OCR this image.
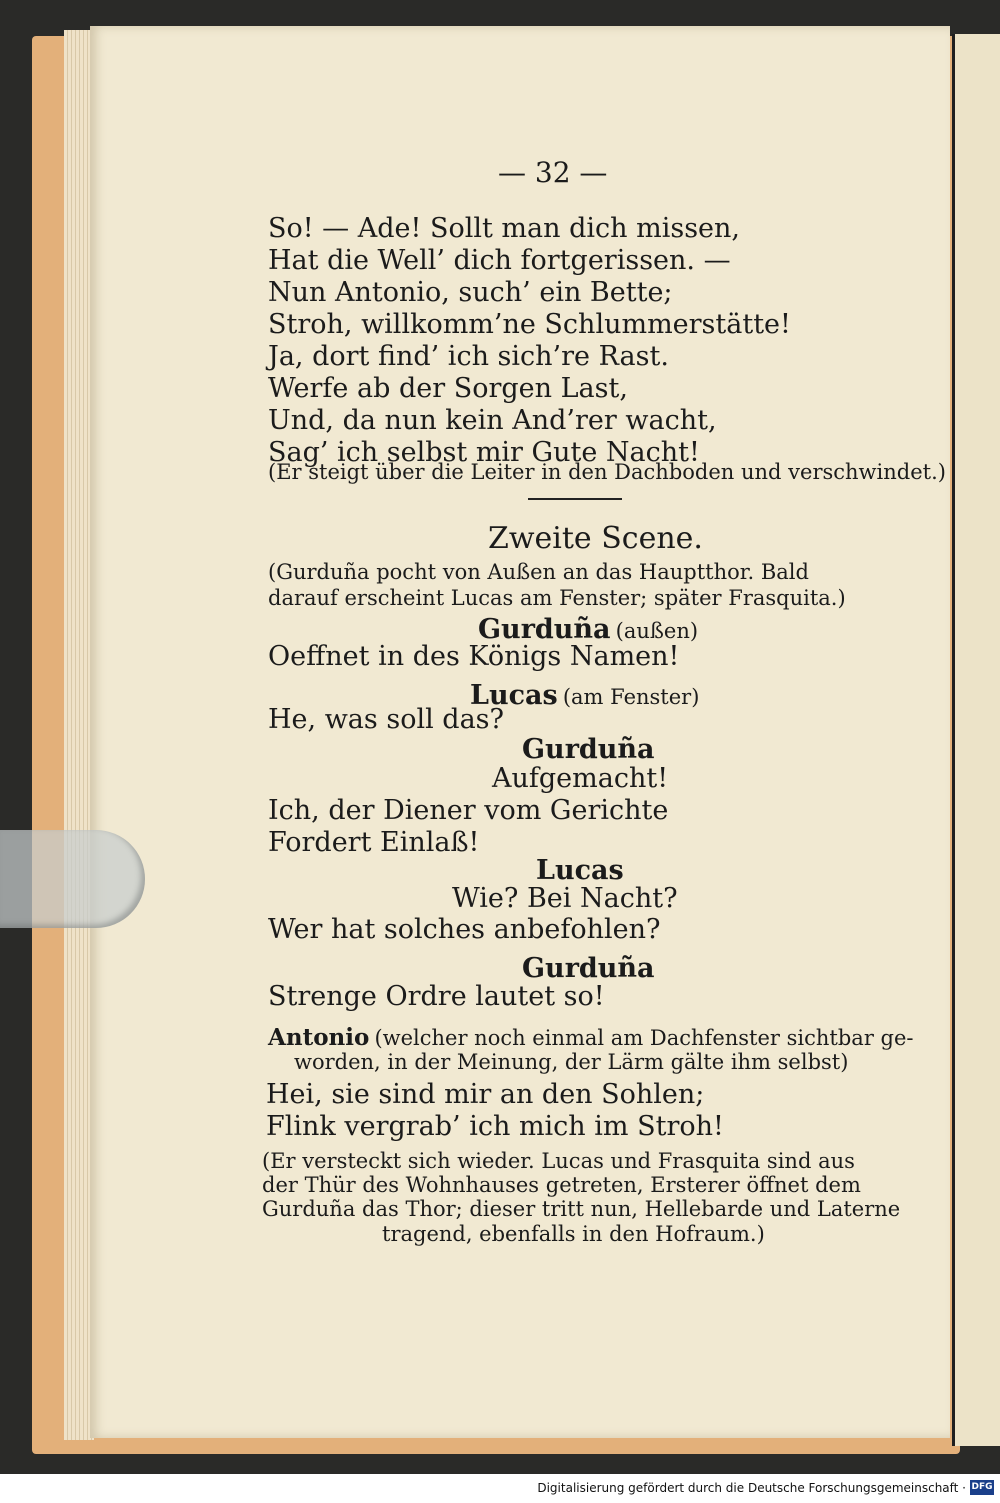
— 32 —
So! — Ade! Sollt man dich missen,
Hat die Well’ dich fortgerissen. —
Nun Antonio, such’ ein Bette;
Stroh, willkomm’ne Schlummerstätte!
Ja, dort find’ ich sich’re Rast.
Werfe ab der Sorgen Last,
Und, da nun kein And’rer wacht,
Sag’ ich selbst mir Gute Nacht!
(Er steigt über die Leiter in den Dachboden und verschwindet.)
Zweite Scene.
(Gurduña pocht von Außen an das Hauptthor. Bald
darauf erscheint Lucas am Fenster; später Frasquita.)
Gurduña (außen)
Oeffnet in des Königs Namen!
Lucas (am Fenster)
He, was soll das?
Gurduña
Aufgemacht!
Ich, der Diener vom Gerichte
Fordert Einlaß!
Lucas
Wie? Bei Nacht?
Wer hat solches anbefohlen?
Gurduña
Strenge Ordre lautet so!
Antonio (welcher noch einmal am Dachfenster sichtbar ge-
worden, in der Meinung, der Lärm gälte ihm selbst)
Hei, sie sind mir an den Sohlen;
Flink vergrab’ ich mich im Stroh!
(Er versteckt sich wieder. Lucas und Frasquita sind aus
der Thür des Wohnhauses getreten, Ersterer öffnet dem
Gurduña das Thor; dieser tritt nun, Hellebarde und Laterne
tragend, ebenfalls in den Hofraum.)
Digitalisierung gefördert durch die Deutsche Forschungsgemeinschaft · DFG
